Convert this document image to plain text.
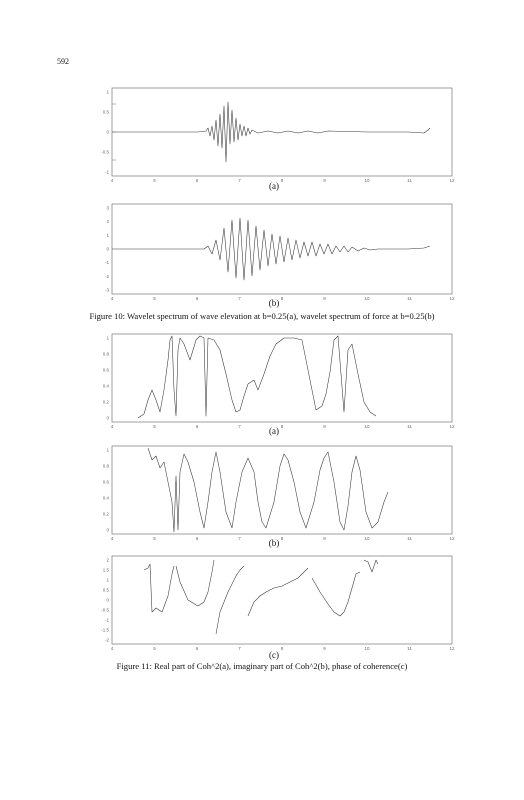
592
1
0.5
0
-0.5
-1
4	5	6	7	8	9	10	11	12
(a)
3
2
1
0
-1
-2
-3
4	5	6	7	8	9	10	11	12
(b)
Figure 10: Wavelet spectrum of wave elevation at b=0.25(a), wavelet spectrum of force at b=0.25(b)
1
0.8
0.6
0.4
0.2
0
4	5	6	7	8	9	10	11	12
(a)
1
0.8
0.6
0.4
0.2
0
4	5	6	7	8	9	10	11	12
(b)
2
1.5
1
0.5
0
-0.5
-1
-1.5
-2
4	5	6	7	8	9	10	11	12
(c)
Figure 11: Real part of Coh^2(a), imaginary part of Coh^2(b), phase of coherence(c)
